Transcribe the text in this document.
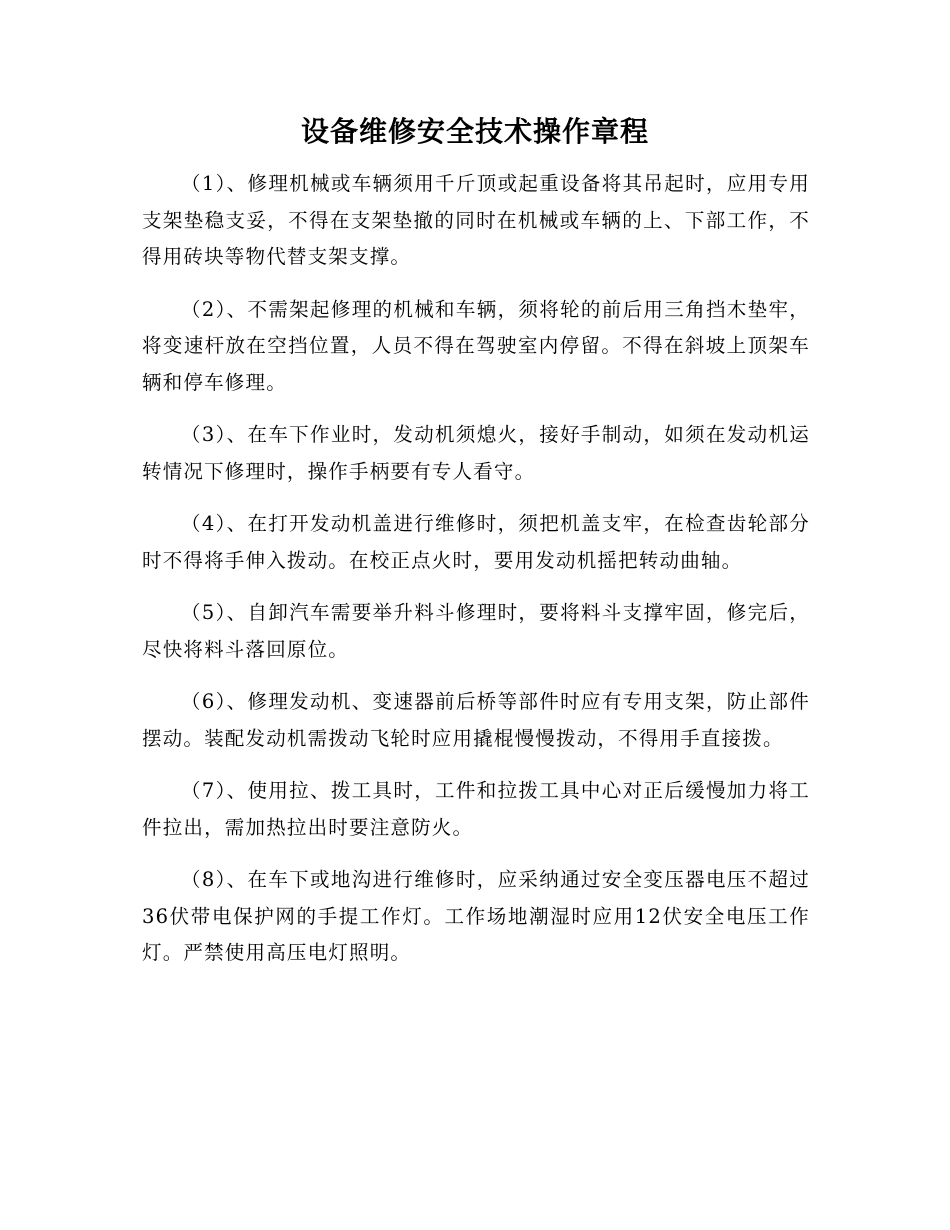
设备维修安全技术操作章程

（1）、修理机械或车辆须用千斤顶或起重设备将其吊起时，应用专用支架垫稳支妥，不得在支架垫撤的同时在机械或车辆的上、下部工作，不得用砖块等物代替支架支撑。

（2）、不需架起修理的机械和车辆，须将轮的前后用三角挡木垫牢，将变速杆放在空挡位置，人员不得在驾驶室内停留。不得在斜坡上顶架车辆和停车修理。

（3）、在车下作业时，发动机须熄火，接好手制动，如须在发动机运转情况下修理时，操作手柄要有专人看守。

（4）、在打开发动机盖进行维修时，须把机盖支牢，在检查齿轮部分时不得将手伸入拨动。在校正点火时，要用发动机摇把转动曲轴。

（5）、自卸汽车需要举升料斗修理时，要将料斗支撑牢固，修完后，尽快将料斗落回原位。

（6）、修理发动机、变速器前后桥等部件时应有专用支架，防止部件摆动。装配发动机需拨动飞轮时应用撬棍慢慢拨动，不得用手直接拨。

（7）、使用拉、拨工具时，工件和拉拨工具中心对正后缓慢加力将工件拉出，需加热拉出时要注意防火。

（8）、在车下或地沟进行维修时，应采纳通过安全变压器电压不超过36伏带电保护网的手提工作灯。工作场地潮湿时应用12伏安全电压工作灯。严禁使用高压电灯照明。
